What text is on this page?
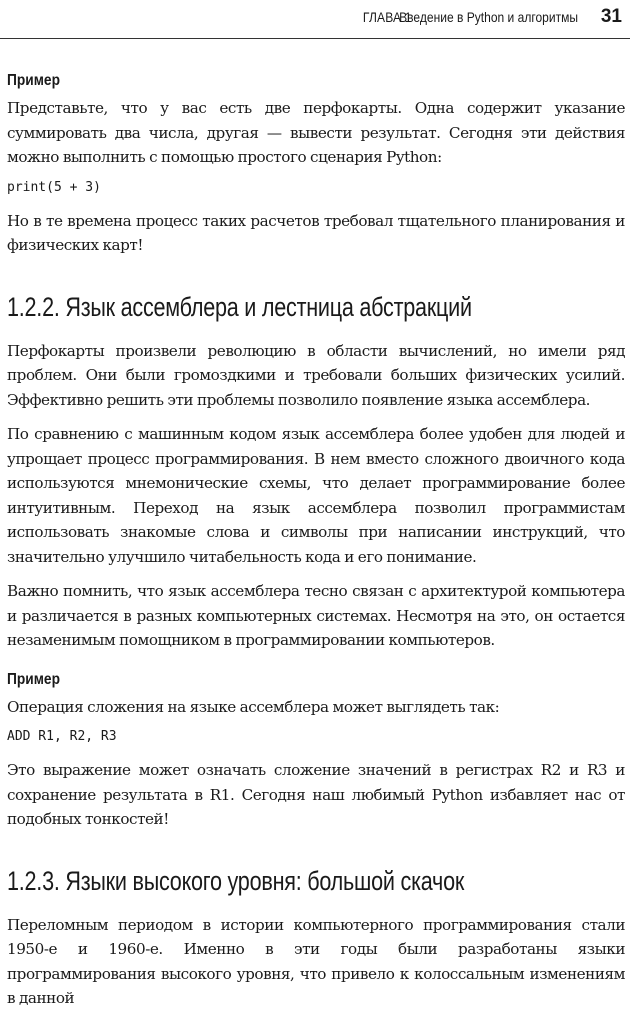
ГЛАВА 1
Введение в Python и алгоритмы 31
Пример

Представьте, что у вас есть две перфокарты. Одна содержит указание суммировать два числа, другая — вывести результат. Сегодня эти действия можно выполнить с помощью простого сценария Python:

print(5 + 3)

Но в те времена процесс таких расчетов требовал тщательного планирования и физических карт!

1.2.2. Язык ассемблера и лестница абстракций

Перфокарты произвели революцию в области вычислений, но имели ряд проблем. Они были громоздкими и требовали больших физических усилий. Эффективно решить эти проблемы позволило появление языка ассемблера.

По сравнению с машинным кодом язык ассемблера более удобен для людей и упрощает процесс программирования. В нем вместо сложного двоичного кода используются мнемонические схемы, что делает программирование более интуитивным. Переход на язык ассемблера позволил программистам использовать знакомые слова и символы при написании инструкций, что значительно улучшило читабельность кода и его понимание.

Важно помнить, что язык ассемблера тесно связан с архитектурой компьютера и различается в разных компьютерных системах. Несмотря на это, он остается незаменимым помощником в программировании компьютеров.

Пример

Операция сложения на языке ассемблера может выглядеть так:

ADD R1, R2, R3

Это выражение может означать сложение значений в регистрах R2 и R3 и сохранение результата в R1. Сегодня наш любимый Python избавляет нас от подобных тонкостей!

1.2.3. Языки высокого уровня: большой скачок

Переломным периодом в истории компьютерного программирования стали 1950-е и 1960-е. Именно в эти годы были разработаны языки программирования высокого уровня, что привело к колоссальным изменениям в данной
